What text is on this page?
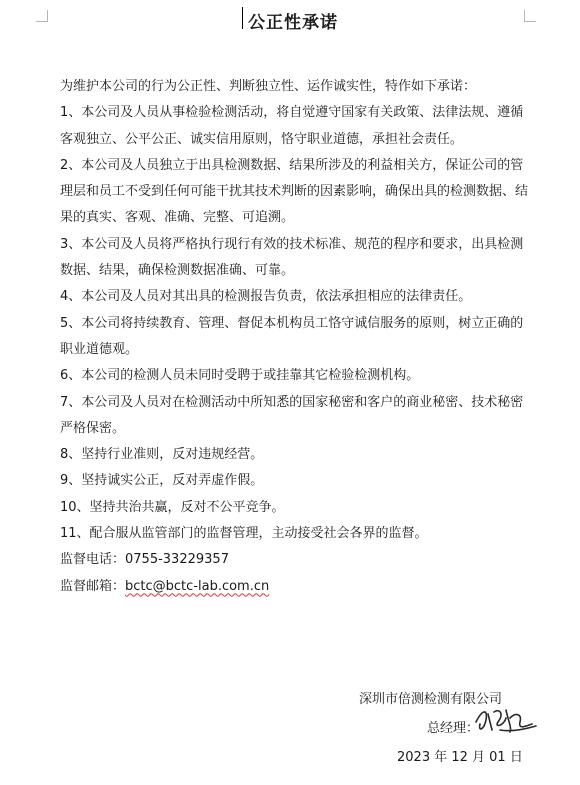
公正性承诺

为维护本公司的行为公正性、判断独立性、运作诚实性，特作如下承诺：

1、本公司及人员从事检验检测活动，将自觉遵守国家有关政策、法律法规、遵循客观独立、公平公正、诚实信用原则，恪守职业道德，承担社会责任。

2、本公司及人员独立于出具检测数据、结果所涉及的利益相关方，保证公司的管理层和员工不受到任何可能干扰其技术判断的因素影响，确保出具的检测数据、结果的真实、客观、准确、完整、可追溯。

3、本公司及人员将严格执行现行有效的技术标准、规范的程序和要求，出具检测数据、结果，确保检测数据准确、可靠。

4、本公司及人员对其出具的检测报告负责，依法承担相应的法律责任。

5、本公司将持续教育、管理、督促本机构员工恪守诚信服务的原则，树立正确的职业道德观。

6、本公司的检测人员未同时受聘于或挂靠其它检验检测机构。

7、本公司及人员对在检测活动中所知悉的国家秘密和客户的商业秘密、技术秘密严格保密。

8、坚持行业准则，反对违规经营。

9、坚持诚实公正，反对弄虚作假。

10、坚持共治共赢，反对不公平竞争。

11、配合服从监管部门的监督管理，主动接受社会各界的监督。

监督电话：0755-33229357

监督邮箱：bctc@bctc-lab.com.cn

深圳市倍测检测有限公司
总经理：
2023 年 12 月 01 日
